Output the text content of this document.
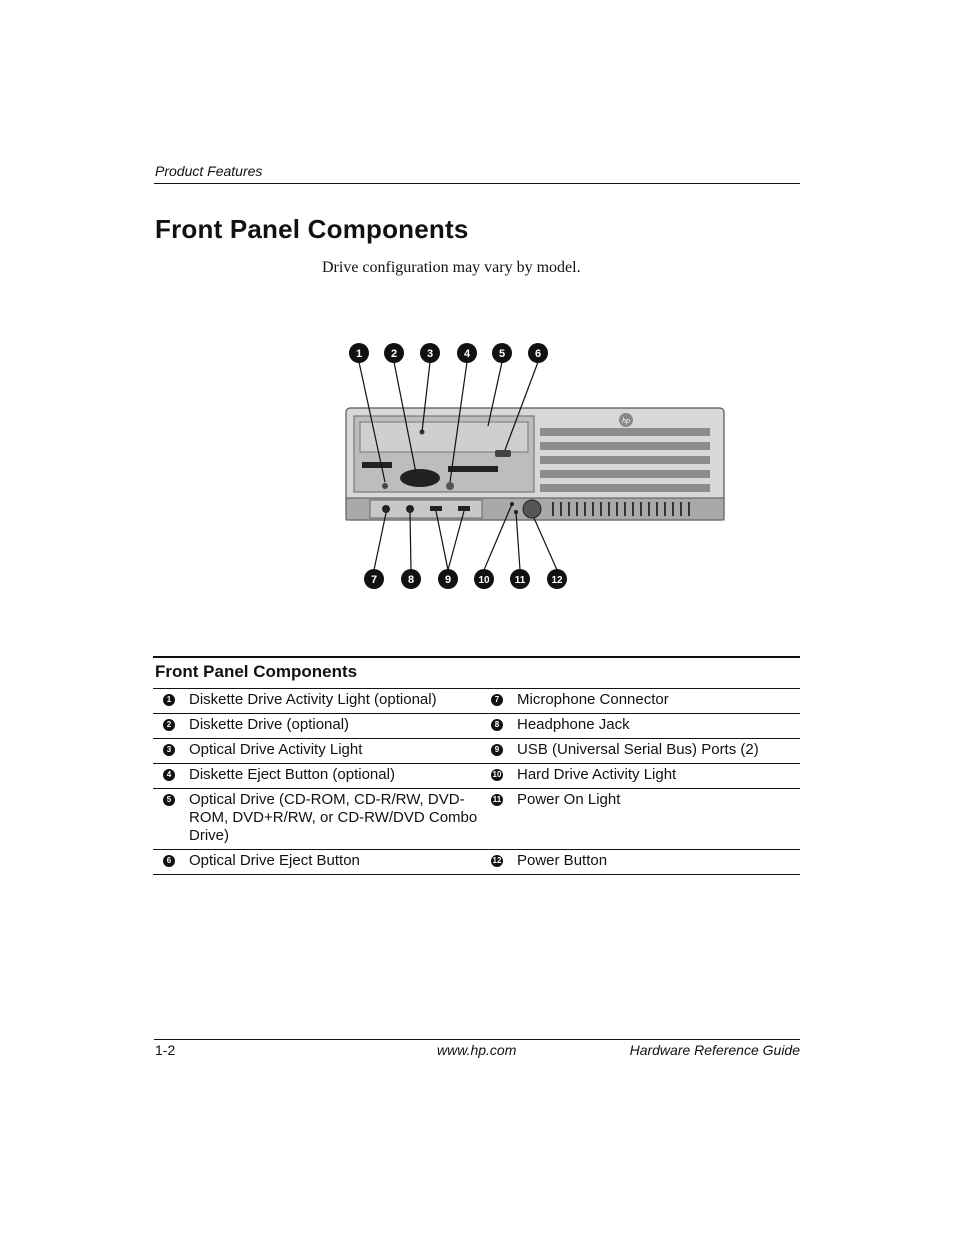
Product Features
Front Panel Components
Drive configuration may vary by model.
hp
1	2	3	4	5	6
7	8	9	10	11	12
Front Panel Components
1	Diskette Drive Activity Light (optional)	7	Microphone Connector
2	Diskette Drive (optional)	8	Headphone Jack
3	Optical Drive Activity Light	9	USB (Universal Serial Bus) Ports (2)
4	Diskette Eject Button (optional)	10	Hard Drive Activity Light
5	Optical Drive (CD-ROM, CD-R/RW, DVD-ROM, DVD+R/RW, or CD-RW/DVD Combo Drive)	11	Power On Light
6	Optical Drive Eject Button	12	Power Button
1-2	www.hp.com	Hardware Reference Guide
